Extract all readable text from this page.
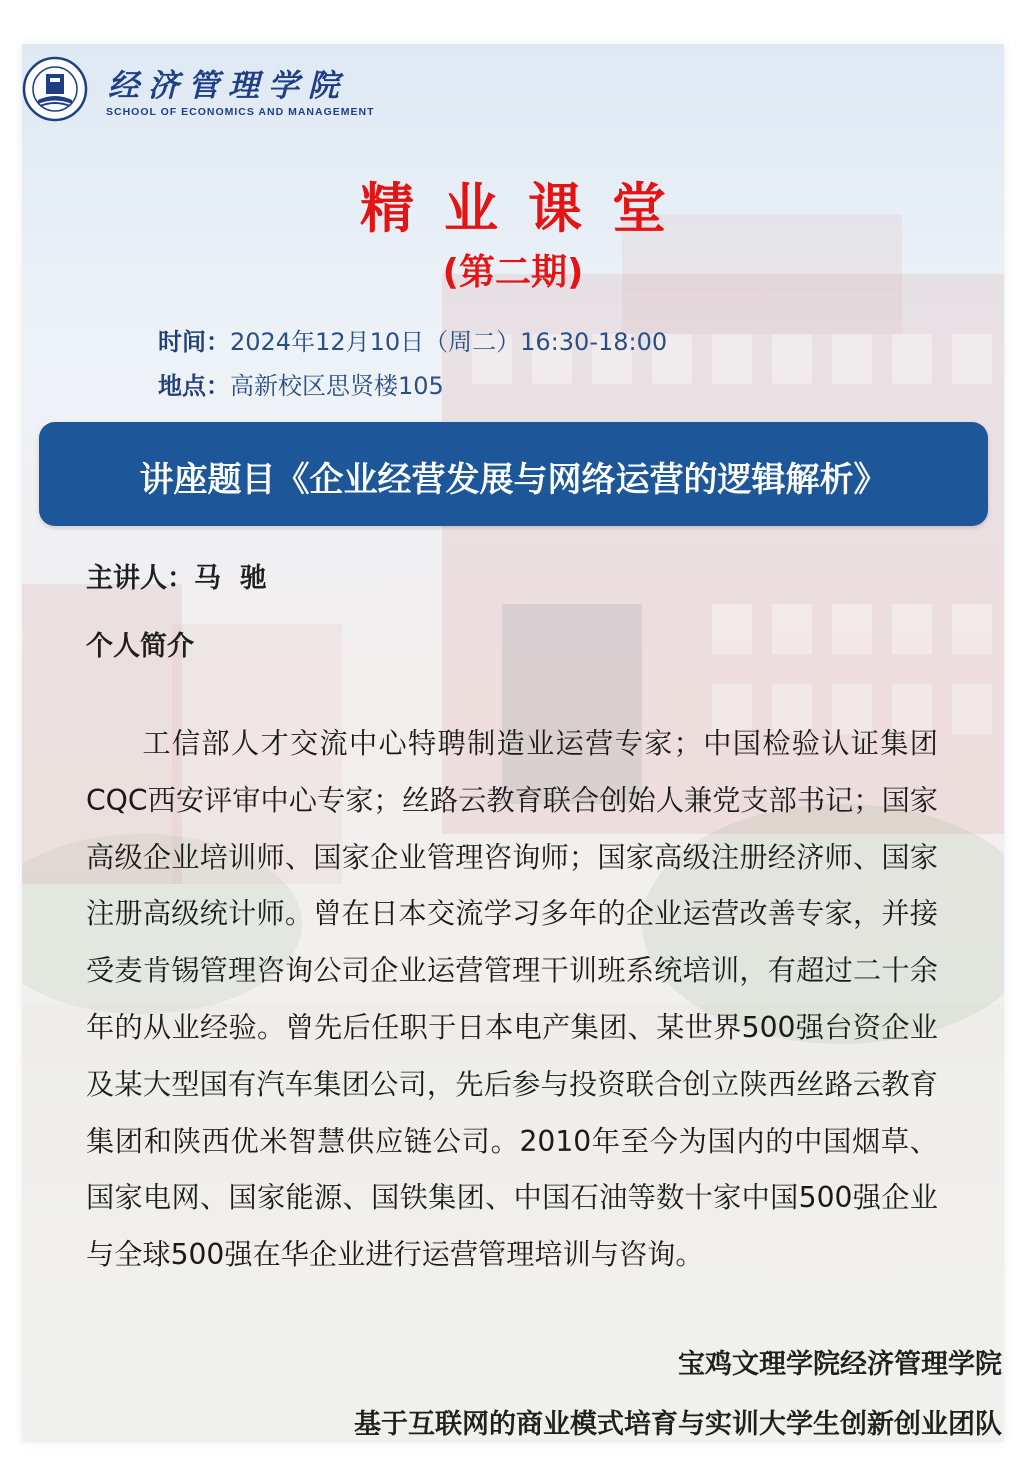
经济管理学院
SCHOOL OF ECONOMICS AND MANAGEMENT
精业课堂
(第二期)
时间：2024年12月10日（周二）16:30-18:00
地点：高新校区思贤楼105
讲座题目《企业经营发展与网络运营的逻辑解析》
主讲人：马  驰
个人简介

工信部人才交流中心特聘制造业运营专家；中国检验认证集团CQC西安评审中心专家；丝路云教育联合创始人兼党支部书记；国家高级企业培训师、国家企业管理咨询师；国家高级注册经济师、国家注册高级统计师。曾在日本交流学习多年的企业运营改善专家，并接受麦肯锡管理咨询公司企业运营管理干训班系统培训，有超过二十余年的从业经验。曾先后任职于日本电产集团、某世界500强台资企业及某大型国有汽车集团公司，先后参与投资联合创立陕西丝路云教育集团和陕西优米智慧供应链公司。2010年至今为国内的中国烟草、国家电网、国家能源、国铁集团、中国石油等数十家中国500强企业与全球500强在华企业进行运营管理培训与咨询。

宝鸡文理学院经济管理学院
基于互联网的商业模式培育与实训大学生创新创业团队
